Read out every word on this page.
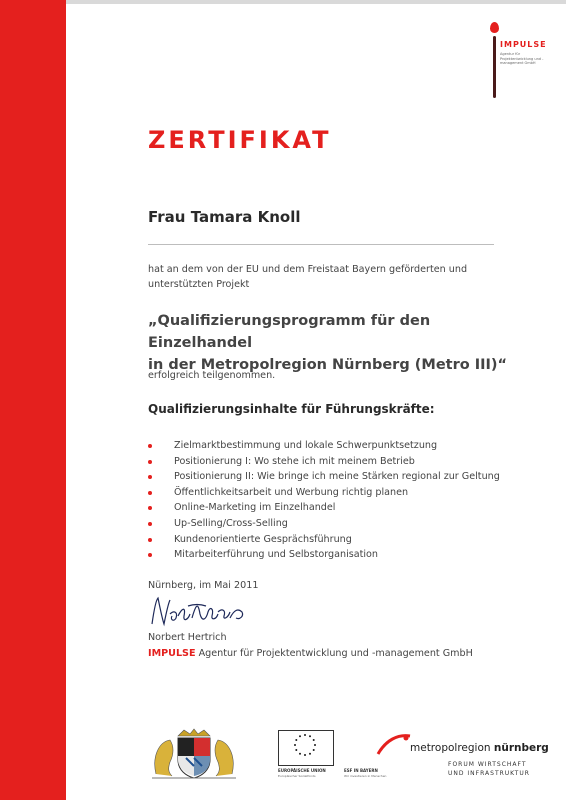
IMPULSE
Agentur für Projektentwicklung und -management GmbH
ZERTIFIKAT
Frau Tamara Knoll
hat an dem von der EU und dem Freistaat Bayern geförderten und unterstützten Projekt
„Qualifizierungsprogramm für den Einzelhandel
in der Metropolregion Nürnberg (Metro III)“
erfolgreich teilgenommen.
Qualifizierungsinhalte für Führungskräfte:
Zielmarktbestimmung und lokale Schwerpunktsetzung
Positionierung I: Wo stehe ich mit meinem Betrieb
Positionierung II: Wie bringe ich meine Stärken regional zur Geltung
Öffentlichkeitsarbeit und Werbung richtig planen
Online-Marketing im Einzelhandel
Up-Selling/Cross-Selling
Kundenorientierte Gesprächsführung
Mitarbeiterführung und Selbstorganisation
Nürnberg, im Mai 2011
Norbert Hertrich
IMPULSE Agentur für Projektentwicklung und -management GmbH
EUROPÄISCHE UNION
Europäischer Sozialfonds
ESF IN BAYERN
Wir investieren in Menschen
metropolregion nürnberg
FORUM WIRTSCHAFT
UND INFRASTRUKTUR
